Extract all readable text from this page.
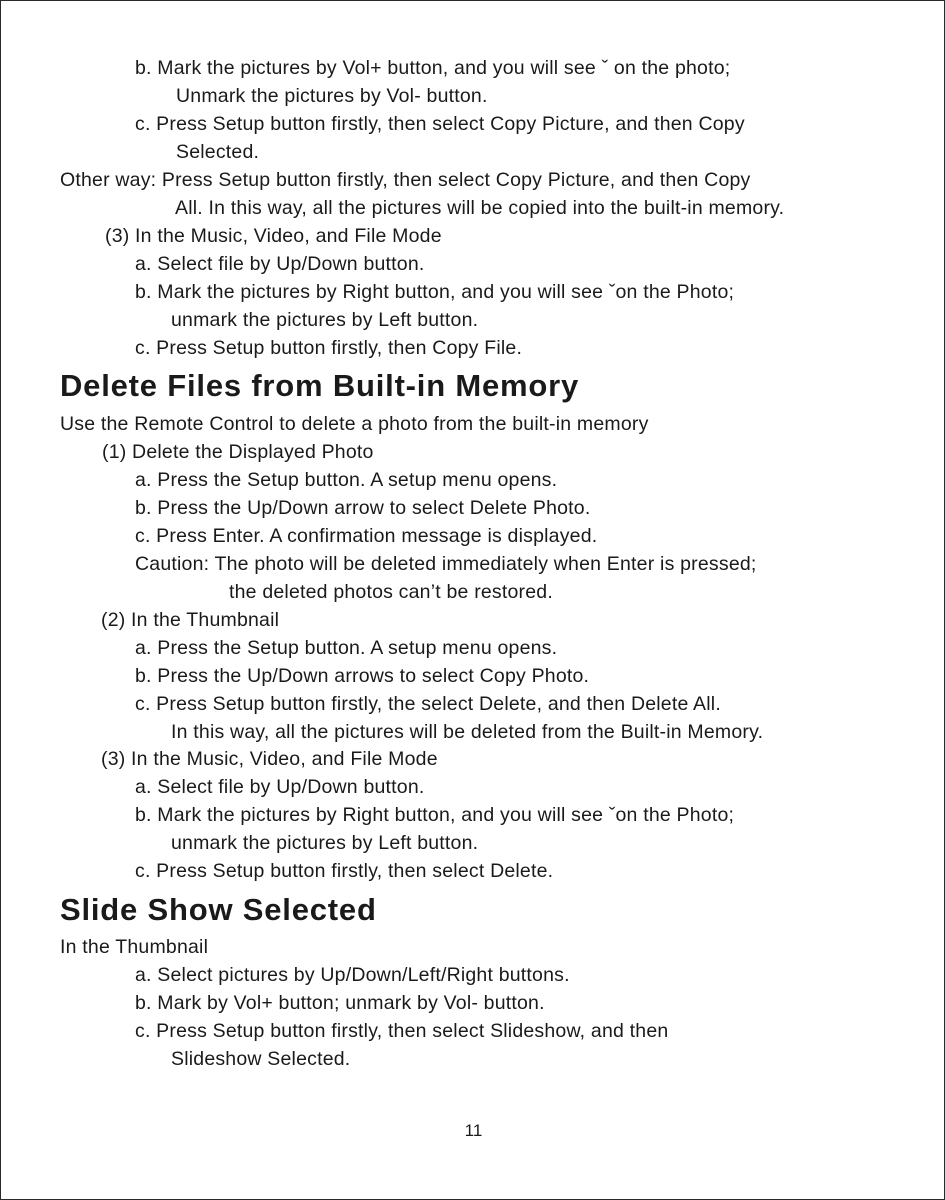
b. Mark the pictures by Vol+ button, and you will see ˇ on the photo;
Unmark the pictures by Vol- button.
c. Press Setup button firstly, then select Copy Picture, and then Copy
Selected.
Other way: Press Setup button firstly, then select Copy Picture, and then Copy
All. In this way, all the pictures will be copied into the built-in memory.
(3) In the Music, Video, and File Mode
a. Select file by Up/Down button.
b. Mark the pictures by Right button, and you will see ˇon the Photo;
unmark the pictures by Left button.
c. Press Setup button firstly, then Copy File.
Delete Files from Built-in Memory
Use the Remote Control to delete a photo from the built-in memory
(1) Delete the Displayed Photo
a. Press the Setup button. A setup menu opens.
b. Press the Up/Down arrow to select Delete Photo.
c. Press Enter. A confirmation message is displayed.
Caution: The photo will be deleted immediately when Enter is pressed;
the deleted photos can’t be restored.
(2) In the Thumbnail
a. Press the Setup button. A setup menu opens.
b. Press the Up/Down arrows to select Copy Photo.
c. Press Setup button firstly, the select Delete, and then Delete All.
In this way, all the pictures will be deleted from the Built-in Memory.
(3) In the Music, Video, and File Mode
a. Select file by Up/Down button.
b. Mark the pictures by Right button, and you will see ˇon the Photo;
unmark the pictures by Left button.
c. Press Setup button firstly, then select Delete.
Slide Show Selected
In the Thumbnail
a. Select pictures by Up/Down/Left/Right buttons.
b. Mark by Vol+ button; unmark by Vol- button.
c. Press Setup button firstly, then select Slideshow, and then
Slideshow Selected.
11
